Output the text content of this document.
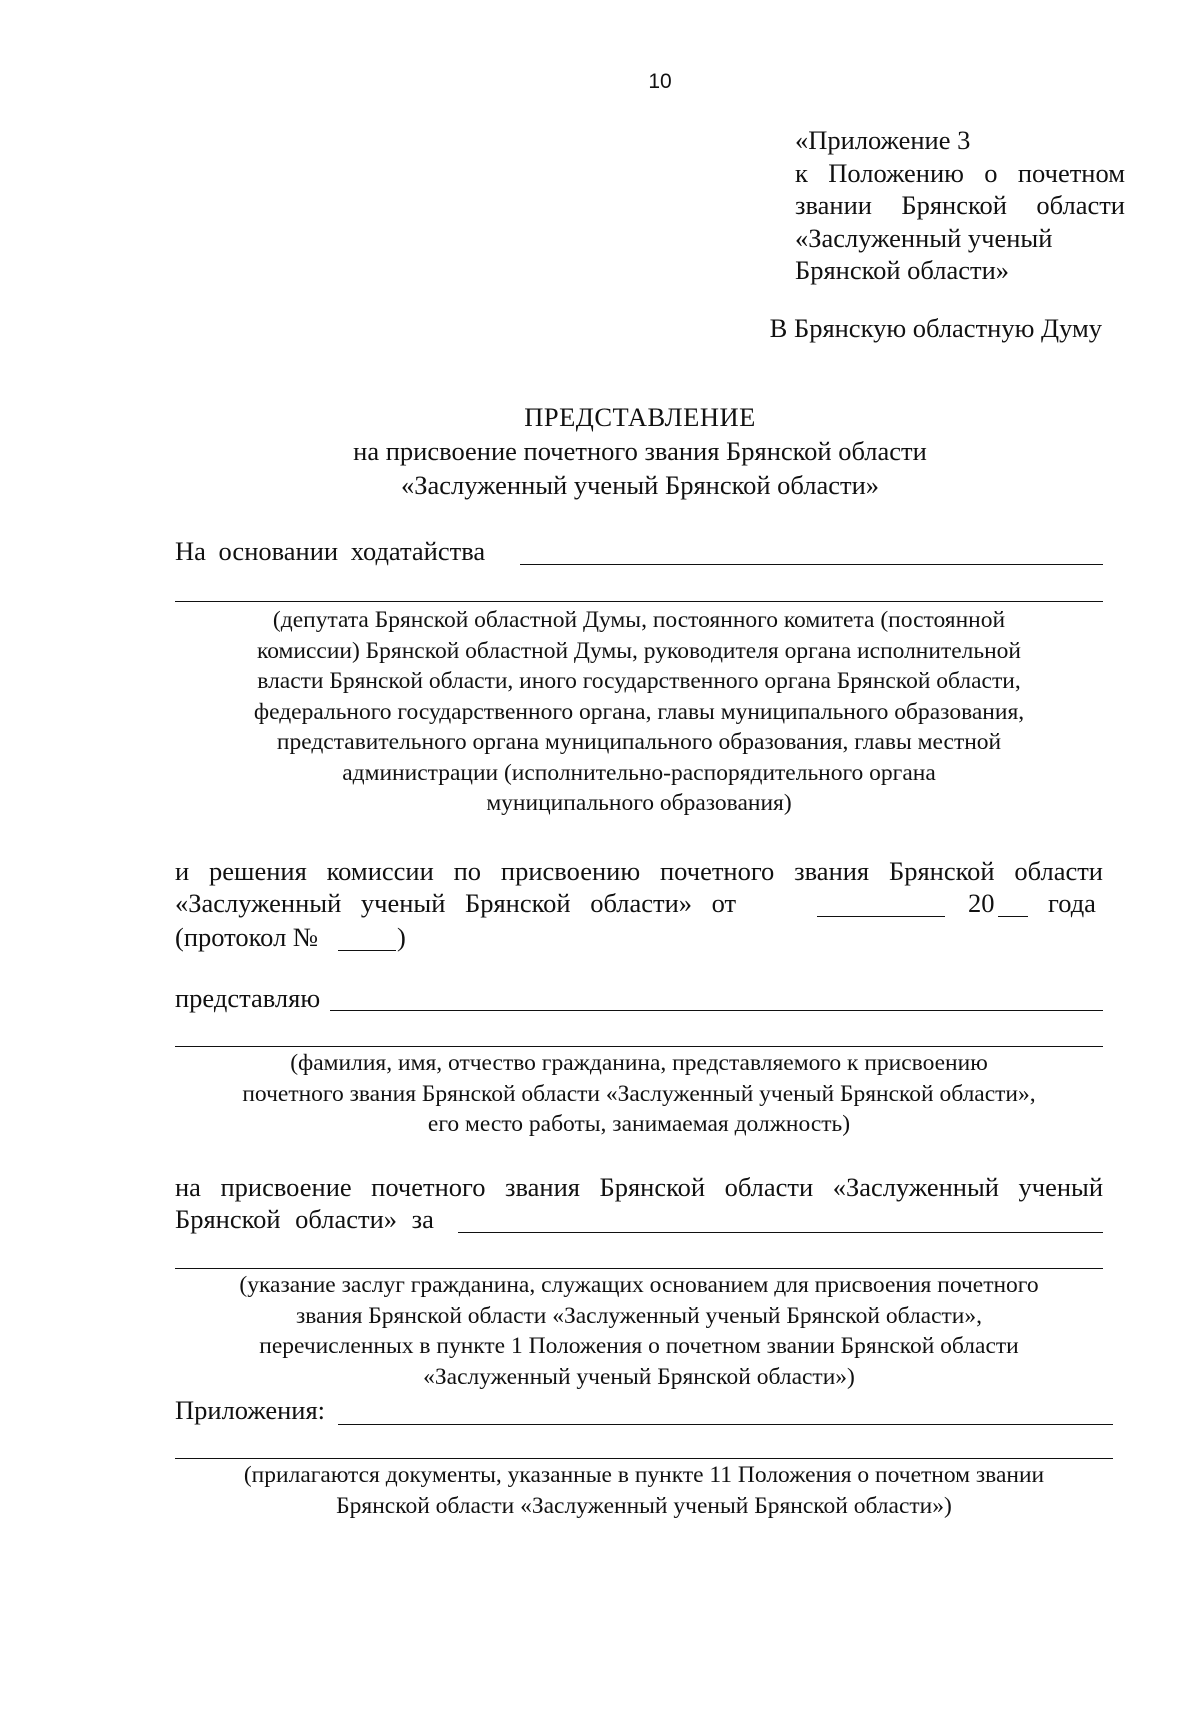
10
«Приложение 3
к Положению о почетном
звании Брянской области
«Заслуженный ученый
Брянской области»
В Брянскую областную Думу
ПРЕДСТАВЛЕНИЕ
на присвоение почетного звания Брянской области
«Заслуженный ученый Брянской области»
На основании ходатайства
(депутата Брянской областной Думы, постоянного комитета (постоянной
комиссии) Брянской областной Думы, руководителя органа исполнительной
власти Брянской области, иного государственного органа Брянской области,
федерального государственного органа, главы муниципального образования,
представительного органа муниципального образования, главы местной
администрации (исполнительно-распорядительного органа
муниципального образования)
и решения комиссии по присвоению почетного звания Брянской области
«Заслуженный ученый Брянской области» от	20 года
(протокол №	)
представляю
(фамилия, имя, отчество гражданина, представляемого к присвоению
почетного звания Брянской области «Заслуженный ученый Брянской области»,
его место работы, занимаемая должность)
на присвоение почетного звания Брянской области «Заслуженный ученый
Брянской области» за
(указание заслуг гражданина, служащих основанием для присвоения почетного
звания Брянской области «Заслуженный ученый Брянской области»,
перечисленных в пункте 1 Положения о почетном звании Брянской области
«Заслуженный ученый Брянской области»)
Приложения:
(прилагаются документы, указанные в пункте 11 Положения о почетном звании
Брянской области «Заслуженный ученый Брянской области»)
